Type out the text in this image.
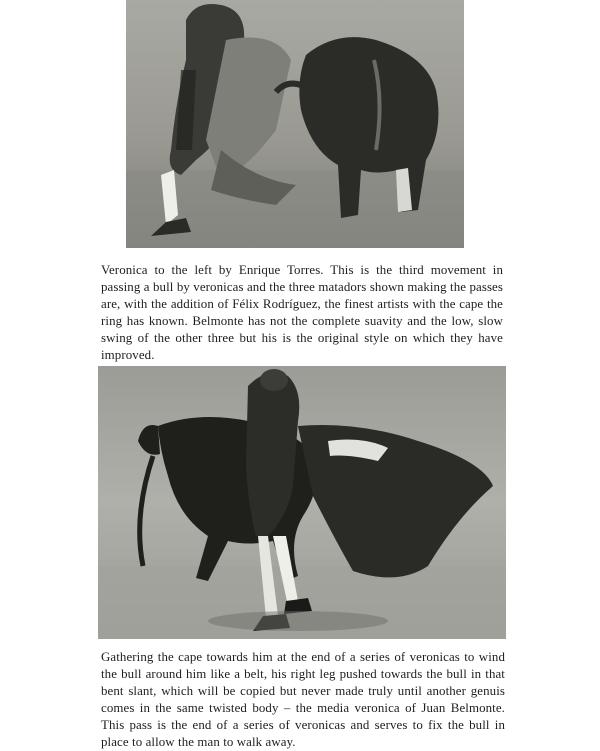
Veronica to the left by Enrique Torres. This is the third movement in passing a bull by veronicas and the three matadors shown making the passes are, with the addition of Félix Rodríguez, the finest artists with the cape the ring has known. Belmonte has not the complete suavity and the low, slow swing of the other three but his is the original style on which they have improved.

Gathering the cape towards him at the end of a series of veronicas to wind the bull around him like a belt, his right leg pushed towards the bull in that bent slant, which will be copied but never made truly until another genuis comes in the same twisted body – the media veronica of Juan Belmonte. This pass is the end of a series of veronicas and serves to fix the bull in place to allow the man to walk away.
